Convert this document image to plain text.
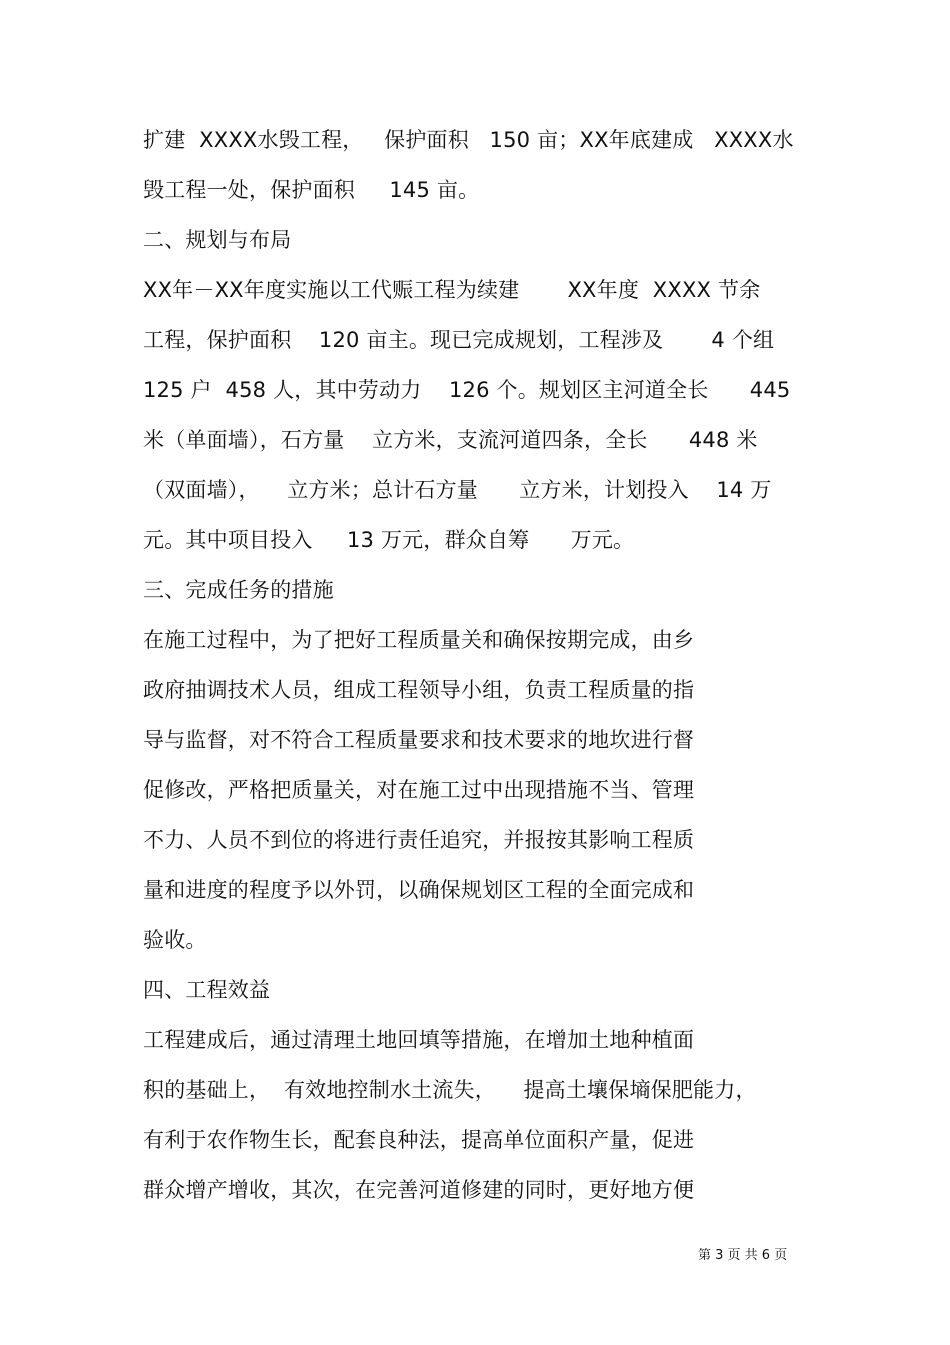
扩建  XXXX水毁工程，   保护面积   150 亩；XX年底建成   XXXX水
毁工程一处，保护面积     145 亩。
二、规划与布局
XX年－XX年度实施以工代赈工程为续建       XX年度  XXXX 节余
工程，保护面积    120 亩主。现已完成规划，工程涉及       4 个组
125 户  458 人，其中劳动力    126 个。规划区主河道全长      445
米（单面墙），石方量    立方米，支流河道四条，全长      448 米
（双面墙），    立方米；总计石方量      立方米，计划投入    14 万
元。其中项目投入     13 万元，群众自筹      万元。
三、完成任务的措施
在施工过程中，为了把好工程质量关和确保按期完成，由乡
政府抽调技术人员，组成工程领导小组，负责工程质量的指
导与监督，对不符合工程质量要求和技术要求的地坎进行督
促修改，严格把质量关，对在施工过中出现措施不当、管理
不力、人员不到位的将进行责任追究，并报按其影响工程质
量和进度的程度予以外罚，以确保规划区工程的全面完成和
验收。
四、工程效益
工程建成后，通过清理土地回填等措施，在增加土地种植面
积的基础上，  有效地控制水土流失，    提高土壤保墒保肥能力，
有利于农作物生长，配套良种法，提高单位面积产量，促进
群众增产增收，其次，在完善河道修建的同时，更好地方便
第 3 页 共 6 页
